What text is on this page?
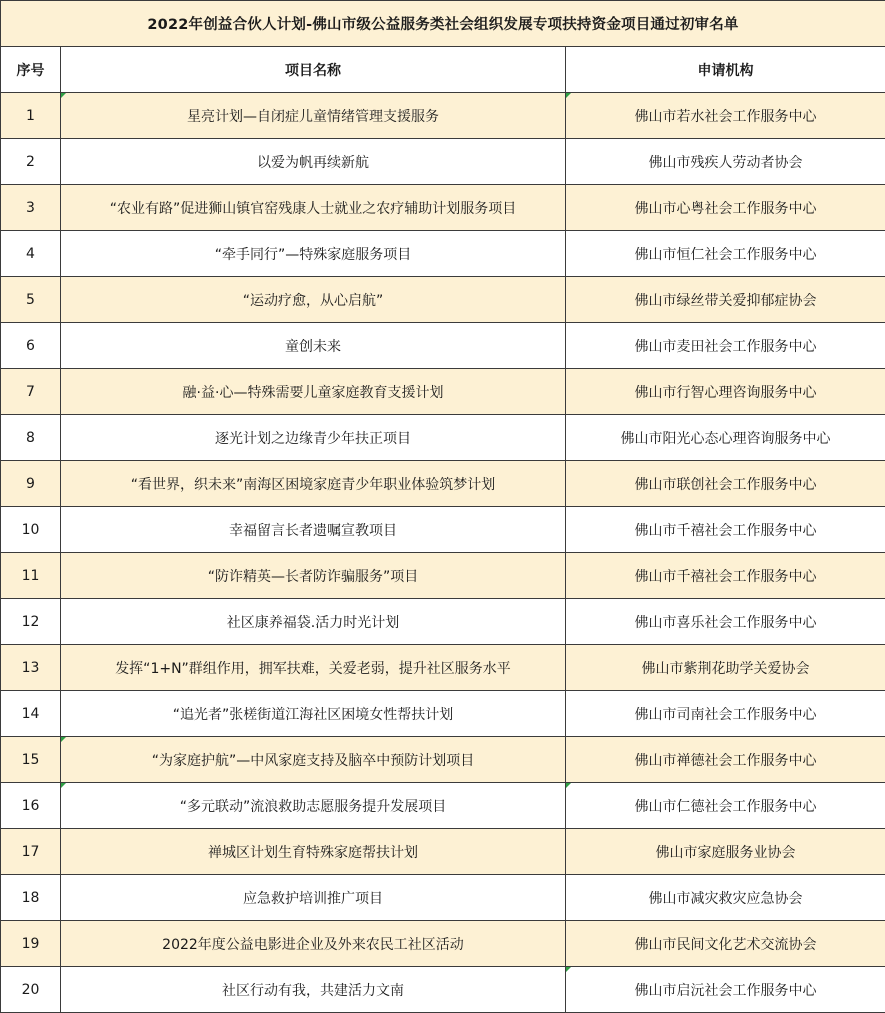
2022年创益合伙人计划-佛山市级公益服务类社会组织发展专项扶持资金项目通过初审名单		
序号	项目名称	申请机构
1	星亮计划—自闭症儿童情绪管理支援服务	佛山市若水社会工作服务中心
2	以爱为帆再续新航	佛山市残疾人劳动者协会
3	“农业有路”促进狮山镇官窑残康人士就业之农疗辅助计划服务项目	佛山市心粤社会工作服务中心
4	“牵手同行”—特殊家庭服务项目	佛山市恒仁社会工作服务中心
5	“运动疗愈，从心启航”	佛山市绿丝带关爱抑郁症协会
6	童创未来	佛山市麦田社会工作服务中心
7	融·益·心—特殊需要儿童家庭教育支援计划	佛山市行智心理咨询服务中心
8	逐光计划之边缘青少年扶正项目	佛山市阳光心态心理咨询服务中心
9	“看世界，织未来”南海区困境家庭青少年职业体验筑梦计划	佛山市联创社会工作服务中心
10	幸福留言长者遗嘱宣教项目	佛山市千禧社会工作服务中心
11	“防诈精英—长者防诈骗服务”项目	佛山市千禧社会工作服务中心
12	社区康养福袋.活力时光计划	佛山市喜乐社会工作服务中心
13	发挥“1+N”群组作用，拥军扶难，关爱老弱，提升社区服务水平	佛山市紫荆花助学关爱协会
14	“追光者”张槎街道江海社区困境女性帮扶计划	佛山市司南社会工作服务中心
15	“为家庭护航”—中风家庭支持及脑卒中预防计划项目	佛山市禅德社会工作服务中心
16	“多元联动”流浪救助志愿服务提升发展项目	佛山市仁德社会工作服务中心
17	禅城区计划生育特殊家庭帮扶计划	佛山市家庭服务业协会
18	应急救护培训推广项目	佛山市减灾救灾应急协会
19	2022年度公益电影进企业及外来农民工社区活动	佛山市民间文化艺术交流协会
20	社区行动有我，共建活力文南	佛山市启沅社会工作服务中心
